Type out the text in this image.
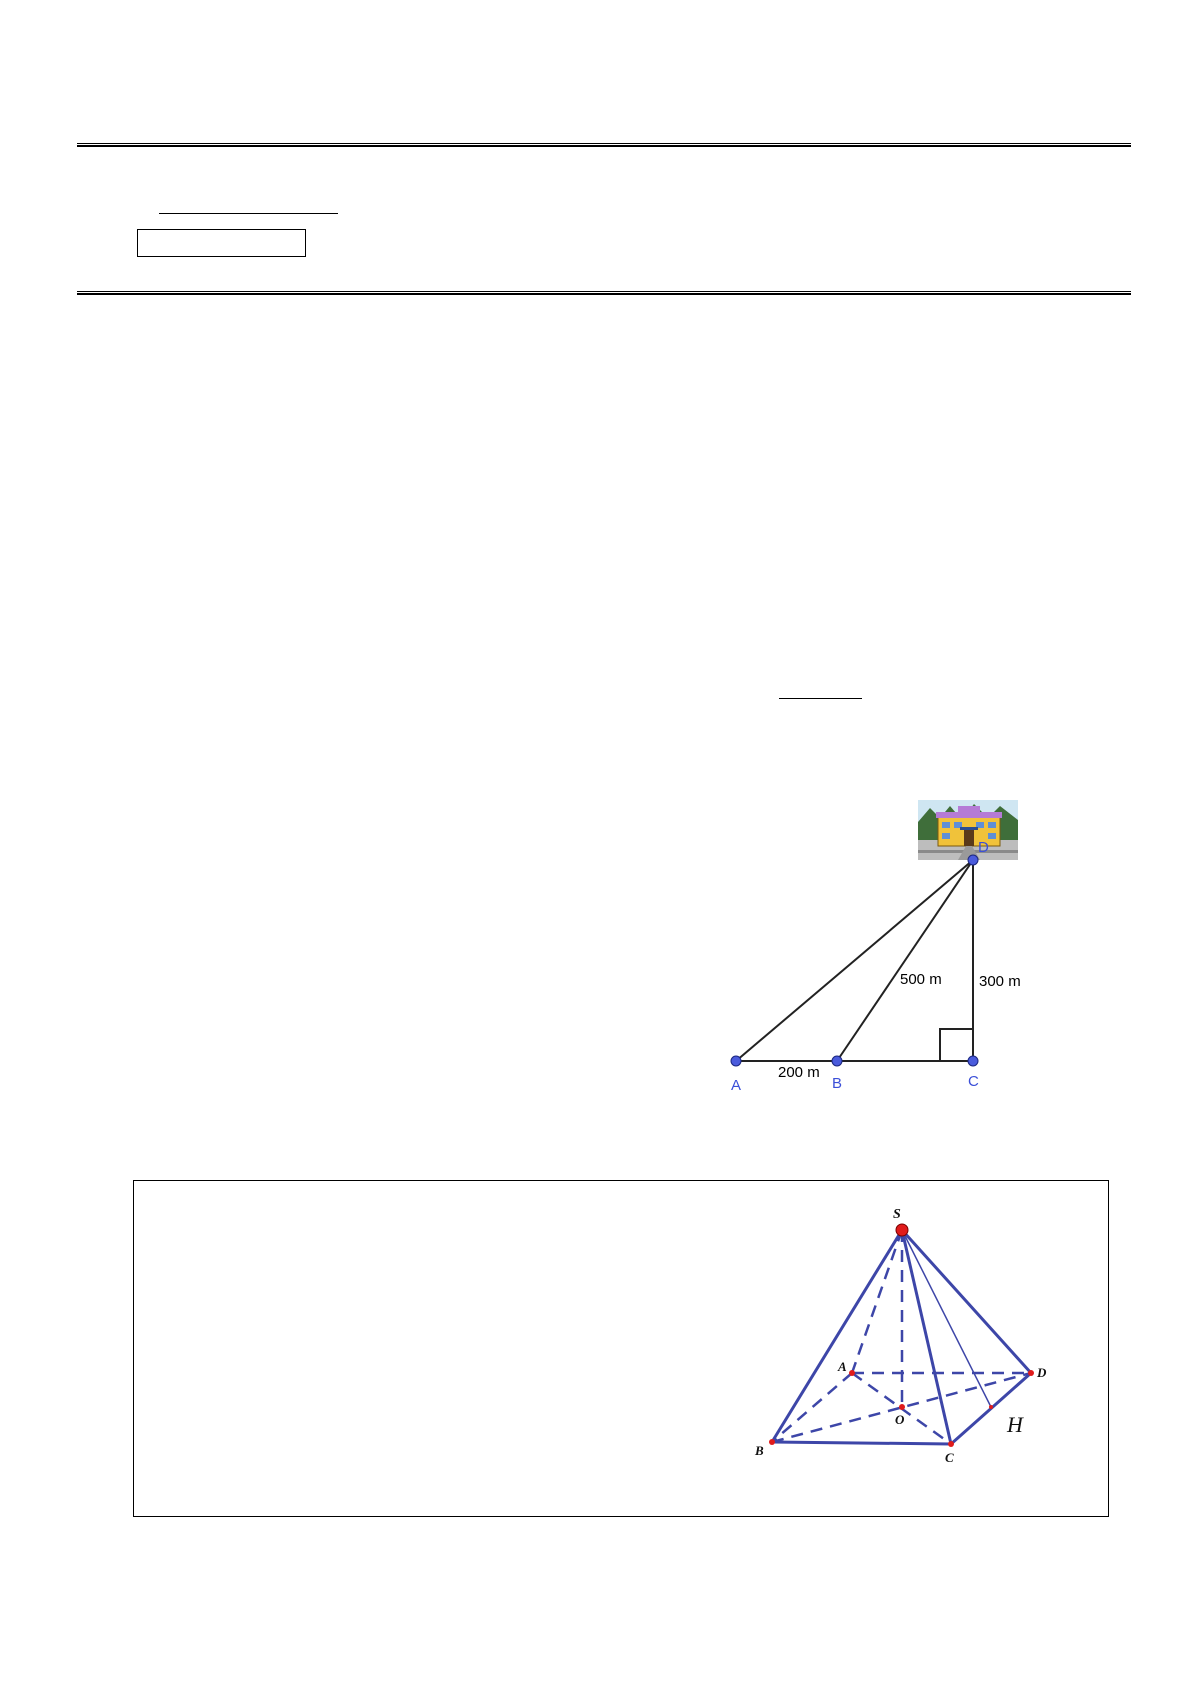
A	B	C
D
200 m
500 m 300 m
S
A
B	C
D
O	H
